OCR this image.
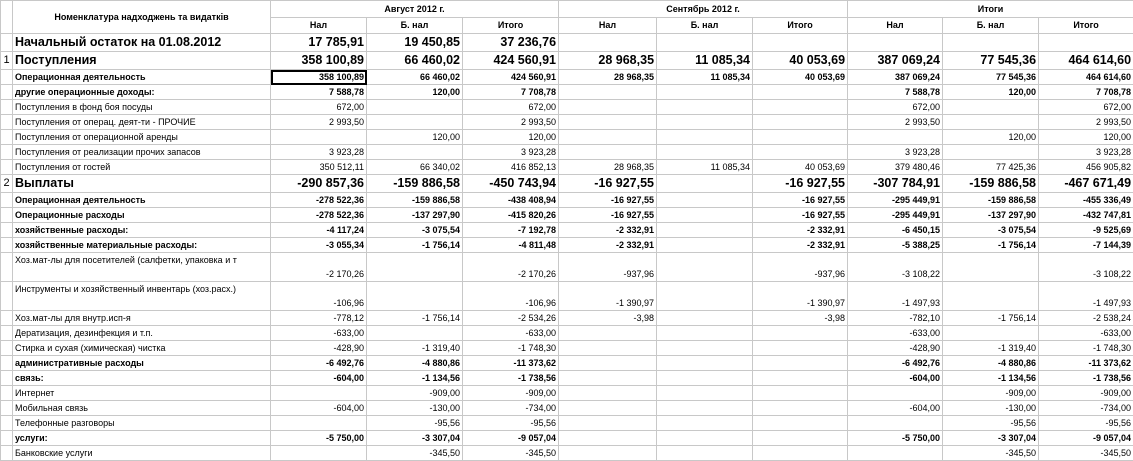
	Номенклатура надходжень та видатків	Август 2012 г.			Сентябрь 2012 г.			Итоги		
		Нал	Б. нал	Итого	Нал	Б. нал	Итого	Нал	Б. нал	Итого
	Начальный остаток на 01.08.2012	17 785,91	19 450,85	37 236,76						
1	Поступления	358 100,89	66 460,02	424 560,91	28 968,35	11 085,34	40 053,69	387 069,24	77 545,36	464 614,60
	Операционная деятельность	358 100,89	66 460,02	424 560,91	28 968,35	11 085,34	40 053,69	387 069,24	77 545,36	464 614,60
	другие операционные доходы:	7 588,78	120,00	7 708,78				7 588,78	120,00	7 708,78
	Поступления в фонд боя посуды	672,00		672,00				672,00		672,00
	Поступления от операц. деят-ти - ПРОЧИЕ	2 993,50		2 993,50				2 993,50		2 993,50
	Поступления от операционной аренды		120,00	120,00					120,00	120,00
	Поступления от реализации прочих запасов	3 923,28		3 923,28				3 923,28		3 923,28
	Поступления от гостей	350 512,11	66 340,02	416 852,13	28 968,35	11 085,34	40 053,69	379 480,46	77 425,36	456 905,82
2	Выплаты	-290 857,36	-159 886,58	-450 743,94	-16 927,55		-16 927,55	-307 784,91	-159 886,58	-467 671,49
	Операционная деятельность	-278 522,36	-159 886,58	-438 408,94	-16 927,55		-16 927,55	-295 449,91	-159 886,58	-455 336,49
	Операционные расходы	-278 522,36	-137 297,90	-415 820,26	-16 927,55		-16 927,55	-295 449,91	-137 297,90	-432 747,81
	хозяйственные расходы:	-4 117,24	-3 075,54	-7 192,78	-2 332,91		-2 332,91	-6 450,15	-3 075,54	-9 525,69
	хозяйственные материальные расходы:	-3 055,34	-1 756,14	-4 811,48	-2 332,91		-2 332,91	-5 388,25	-1 756,14	-7 144,39
	Хоз.мат-лы для посетителей (салфетки, упаковка и т	-2 170,26		-2 170,26	-937,96		-937,96	-3 108,22		-3 108,22
	Инструменты и хозяйственный инвентарь (хоз.расх.)	-106,96		-106,96	-1 390,97		-1 390,97	-1 497,93		-1 497,93
	Хоз.мат-лы для внутр.исп-я	-778,12	-1 756,14	-2 534,26	-3,98		-3,98	-782,10	-1 756,14	-2 538,24
	Дератизация, дезинфекция и т.п.	-633,00		-633,00				-633,00		-633,00
	Стирка и сухая (химическая) чистка	-428,90	-1 319,40	-1 748,30				-428,90	-1 319,40	-1 748,30
	административные расходы	-6 492,76	-4 880,86	-11 373,62				-6 492,76	-4 880,86	-11 373,62
	связь:	-604,00	-1 134,56	-1 738,56				-604,00	-1 134,56	-1 738,56
	Интернет		-909,00	-909,00					-909,00	-909,00
	Мобильная связь	-604,00	-130,00	-734,00				-604,00	-130,00	-734,00
	Телефонные разговоры		-95,56	-95,56					-95,56	-95,56
	услуги:	-5 750,00	-3 307,04	-9 057,04				-5 750,00	-3 307,04	-9 057,04
	Банковские услуги		-345,50	-345,50					-345,50	-345,50
